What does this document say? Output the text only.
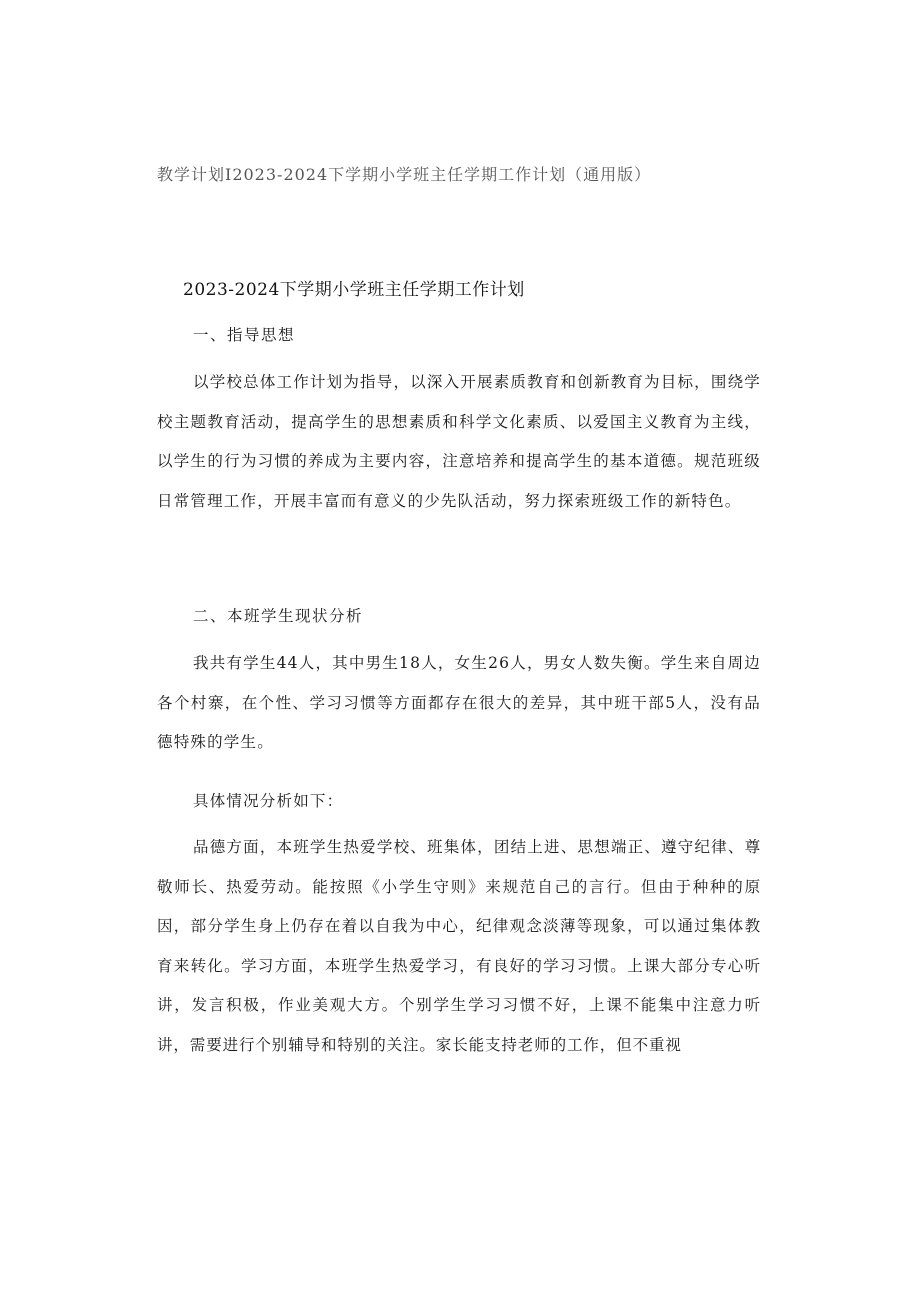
教学计划I2023-2024下学期小学班主任学期工作计划（通用版）
2023-2024下学期小学班主任学期工作计划
一、指导思想

以学校总体工作计划为指导，以深入开展素质教育和创新教育为目标，围绕学校主题教育活动，提高学生的思想素质和科学文化素质、以爱国主义教育为主线，以学生的行为习惯的养成为主要内容，注意培养和提高学生的基本道德。规范班级日常管理工作，开展丰富而有意义的少先队活动，努力探索班级工作的新特色。

二、本班学生现状分析

我共有学生44人，其中男生18人，女生26人，男女人数失衡。学生来自周边各个村寨，在个性、学习习惯等方面都存在很大的差异，其中班干部5人，没有品德特殊的学生。

具体情况分析如下：

品德方面，本班学生热爱学校、班集体，团结上进、思想端正、遵守纪律、尊敬师长、热爱劳动。能按照《小学生守则》来规范自己的言行。但由于种种的原因，部分学生身上仍存在着以自我为中心，纪律观念淡薄等现象，可以通过集体教育来转化。学习方面，本班学生热爱学习，有良好的学习习惯。上课大部分专心听讲，发言积极，作业美观大方。个别学生学习习惯不好，上课不能集中注意力听讲，需要进行个别辅导和特别的关注。家长能支持老师的工作，但不重视
